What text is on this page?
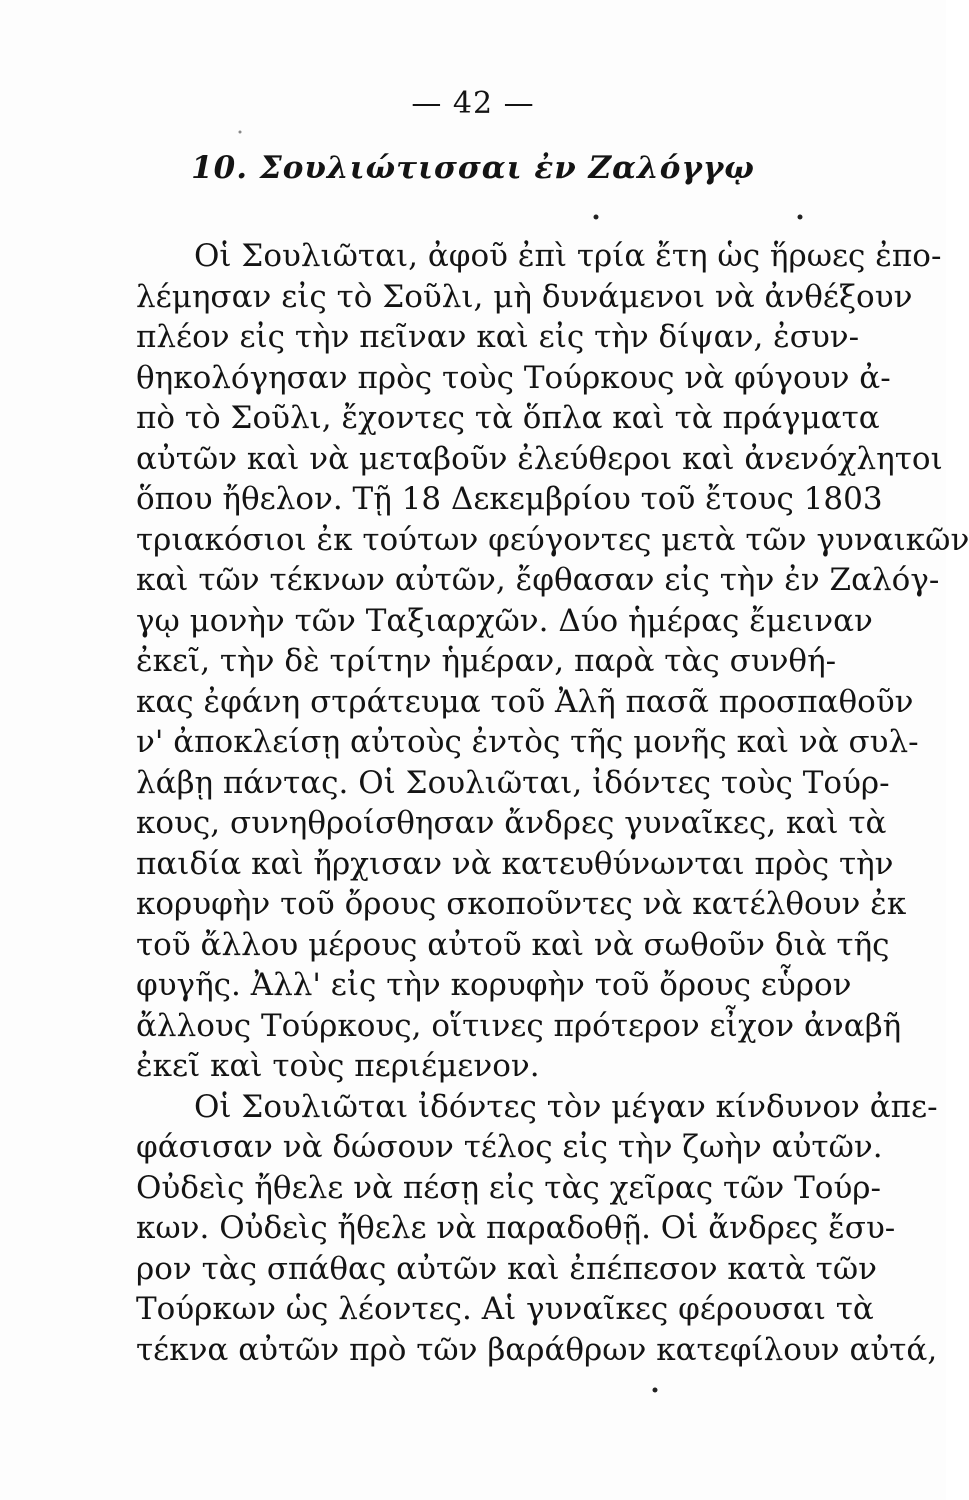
— 42 —
10. Σουλιώτισσαι ἐν Ζαλόγγῳ
Οἱ Σουλιῶται, ἀφοῦ ἐπὶ τρία ἔτη ὡς ἥρωες ἐπο-
λέμησαν εἰς τὸ Σοῦλι, μὴ δυνάμενοι νὰ ἀνθέξουν
πλέον εἰς τὴν πεῖναν καὶ εἰς τὴν δίψαν, ἐσυν-
θηκολόγησαν πρὸς τοὺς Τούρκους νὰ φύγουν ἀ-
πὸ τὸ Σοῦλι, ἔχοντες τὰ ὅπλα καὶ τὰ πράγματα
αὐτῶν καὶ νὰ μεταβοῦν ἐλεύθεροι καὶ ἀνενόχλητοι
ὅπου ἤθελον. Τῇ 18 Δεκεμβρίου τοῦ ἔτους 1803
τριακόσιοι ἐκ τούτων φεύγοντες μετὰ τῶν γυναικῶν
καὶ τῶν τέκνων αὐτῶν, ἔφθασαν εἰς τὴν ἐν Ζαλόγ-
γῳ μονὴν τῶν Ταξιαρχῶν. Δύο ἡμέρας ἔμειναν
ἐκεῖ, τὴν δὲ τρίτην ἡμέραν, παρὰ τὰς συνθή-
κας ἐφάνη στράτευμα τοῦ Ἀλῆ πασᾶ προσπαθοῦν
ν' ἀποκλείσῃ αὐτοὺς ἐντὸς τῆς μονῆς καὶ νὰ συλ-
λάβῃ πάντας. Οἱ Σουλιῶται, ἰδόντες τοὺς Τούρ-
κους, συνηθροίσθησαν ἄνδρες γυναῖκες, καὶ τὰ
παιδία καὶ ἤρχισαν νὰ κατευθύνωνται πρὸς τὴν
κορυφὴν τοῦ ὄρους σκοποῦντες νὰ κατέλθουν ἐκ
τοῦ ἄλλου μέρους αὐτοῦ καὶ νὰ σωθοῦν διὰ τῆς
φυγῆς. Ἀλλ' εἰς τὴν κορυφὴν τοῦ ὄρους εὗρον
ἄλλους Τούρκους, οἵτινες πρότερον εἶχον ἀναβῆ
ἐκεῖ καὶ τοὺς περιέμενον.
Οἱ Σουλιῶται ἰδόντες τὸν μέγαν κίνδυνον ἀπε-
φάσισαν νὰ δώσουν τέλος εἰς τὴν ζωὴν αὐτῶν.
Οὐδεὶς ἤθελε νὰ πέσῃ εἰς τὰς χεῖρας τῶν Τούρ-
κων. Οὐδεὶς ἤθελε νὰ παραδοθῇ. Οἱ ἄνδρες ἔσυ-
ρον τὰς σπάθας αὐτῶν καὶ ἐπέπεσον κατὰ τῶν
Τούρκων ὡς λέοντες. Αἱ γυναῖκες φέρουσαι τὰ
τέκνα αὐτῶν πρὸ τῶν βαράθρων κατεφίλουν αὐτά,
